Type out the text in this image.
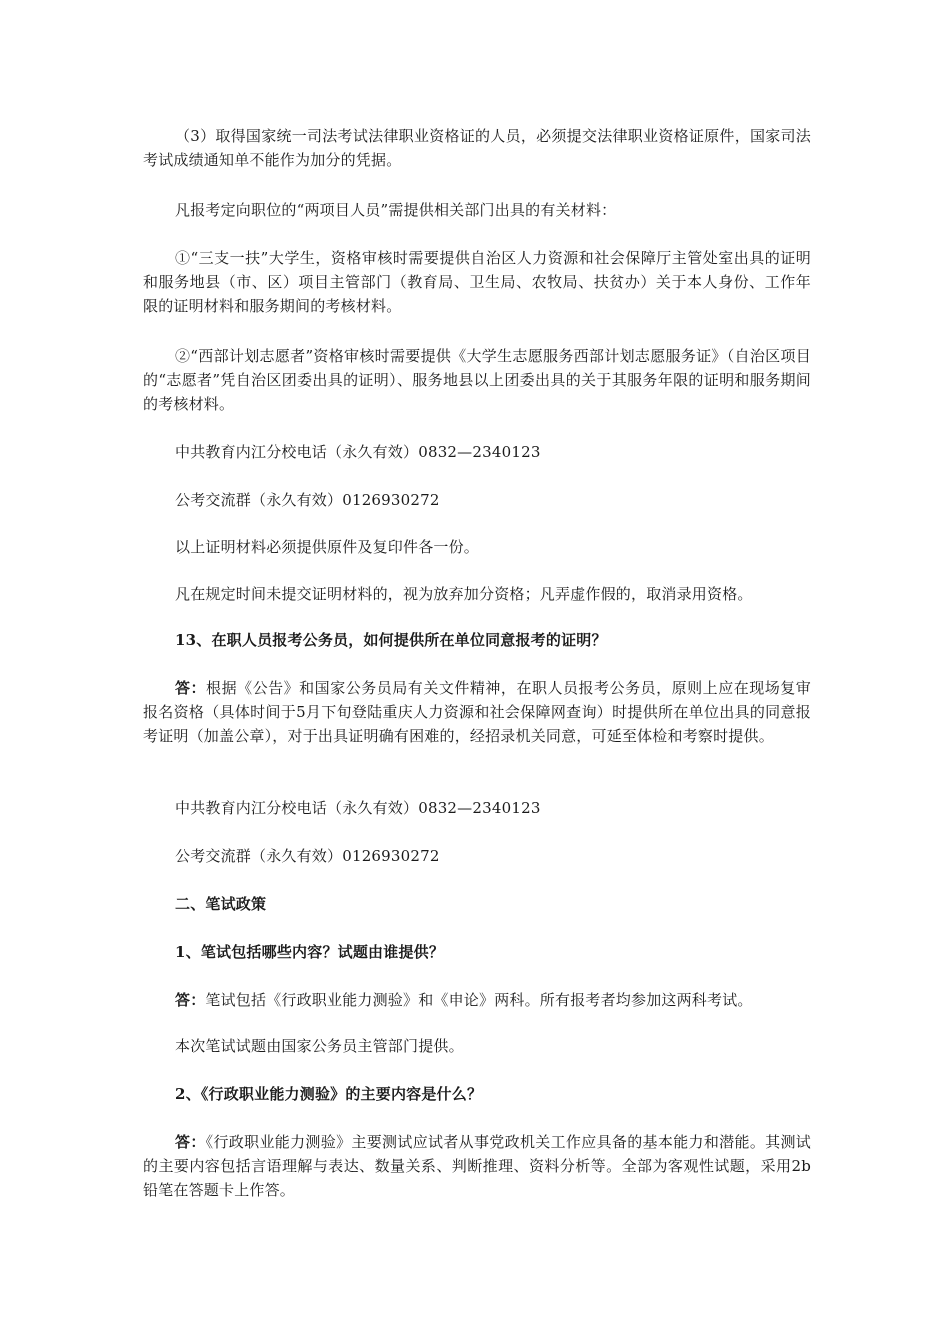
（3）取得国家统一司法考试法律职业资格证的人员，必须提交法律职业资格证原件，国家司法考试成绩通知单不能作为加分的凭据。

凡报考定向职位的“两项目人员”需提供相关部门出具的有关材料：

①“三支一扶”大学生，资格审核时需要提供自治区人力资源和社会保障厅主管处室出具的证明和服务地县（市、区）项目主管部门（教育局、卫生局、农牧局、扶贫办）关于本人身份、工作年限的证明材料和服务期间的考核材料。

②“西部计划志愿者”资格审核时需要提供《大学生志愿服务西部计划志愿服务证》（自治区项目的“志愿者”凭自治区团委出具的证明）、服务地县以上团委出具的关于其服务年限的证明和服务期间的考核材料。

中共教育内江分校电话（永久有效）0832—2340123

公考交流群（永久有效）0126930272

以上证明材料必须提供原件及复印件各一份。

凡在规定时间未提交证明材料的，视为放弃加分资格；凡弄虚作假的，取消录用资格。

13、在职人员报考公务员，如何提供所在单位同意报考的证明？

答：根据《公告》和国家公务员局有关文件精神，在职人员报考公务员，原则上应在现场复审报名资格（具体时间于5月下旬登陆重庆人力资源和社会保障网查询）时提供所在单位出具的同意报考证明（加盖公章），对于出具证明确有困难的，经招录机关同意，可延至体检和考察时提供。

中共教育内江分校电话（永久有效）0832—2340123

公考交流群（永久有效）0126930272

二、笔试政策

1、笔试包括哪些内容？试题由谁提供？

答：笔试包括《行政职业能力测验》和《申论》两科。所有报考者均参加这两科考试。

本次笔试试题由国家公务员主管部门提供。

2、《行政职业能力测验》的主要内容是什么？

答：《行政职业能力测验》主要测试应试者从事党政机关工作应具备的基本能力和潜能。其测试的主要内容包括言语理解与表达、数量关系、判断推理、资料分析等。全部为客观性试题，采用2b铅笔在答题卡上作答。
